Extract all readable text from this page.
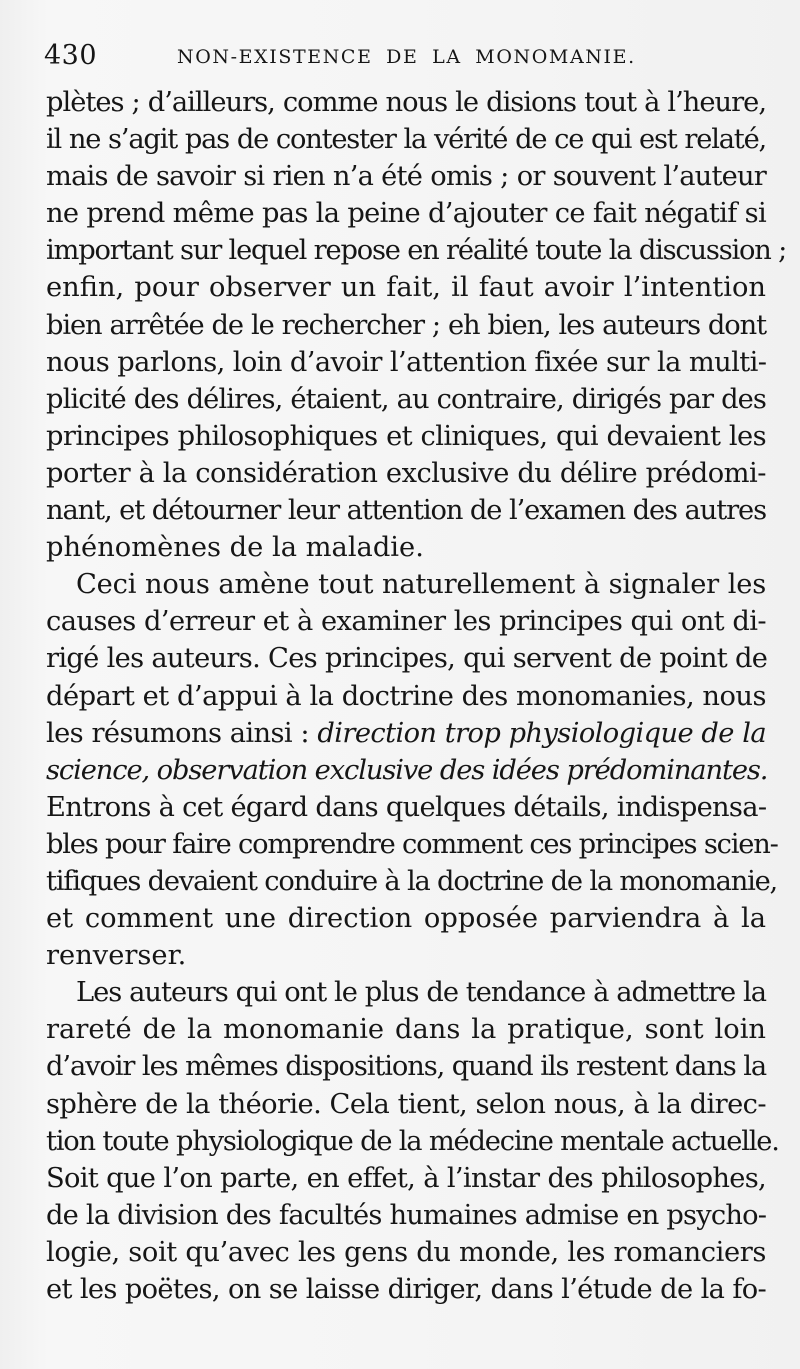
430	NON-EXISTENCE DE LA MONOMANIE.
plètes ; d’ailleurs, comme nous le disions tout à l’heure,
il ne s’agit pas de contester la vérité de ce qui est relaté,
mais de savoir si rien n’a été omis ; or souvent l’auteur
ne prend même pas la peine d’ajouter ce fait négatif si
important sur lequel repose en réalité toute la discussion ;
enfin, pour observer un fait, il faut avoir l’intention
bien arrêtée de le rechercher ; eh bien, les auteurs dont
nous parlons, loin d’avoir l’attention fixée sur la multi-
plicité des délires, étaient, au contraire, dirigés par des
principes philosophiques et cliniques, qui devaient les
porter à la considération exclusive du délire prédomi-
nant, et détourner leur attention de l’examen des autres
phénomènes de la maladie.
Ceci nous amène tout naturellement à signaler les
causes d’erreur et à examiner les principes qui ont di-
rigé les auteurs. Ces principes, qui servent de point de
départ et d’appui à la doctrine des monomanies, nous
les résumons ainsi : direction trop physiologique de la
science, observation exclusive des idées prédominantes.
Entrons à cet égard dans quelques détails, indispensa-
bles pour faire comprendre comment ces principes scien-
tifiques devaient conduire à la doctrine de la monomanie,
et comment une direction opposée parviendra à la
renverser.
Les auteurs qui ont le plus de tendance à admettre la
rareté de la monomanie dans la pratique, sont loin
d’avoir les mêmes dispositions, quand ils restent dans la
sphère de la théorie. Cela tient, selon nous, à la direc-
tion toute physiologique de la médecine mentale actuelle.
Soit que l’on parte, en effet, à l’instar des philosophes,
de la division des facultés humaines admise en psycho-
logie, soit qu’avec les gens du monde, les romanciers
et les poëtes, on se laisse diriger, dans l’étude de la fo-
